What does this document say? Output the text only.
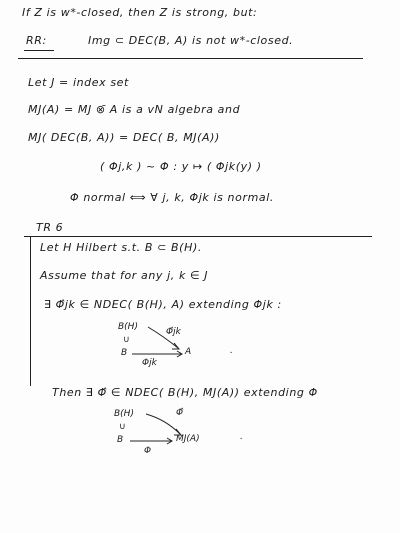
If Z is w*-closed, then Z is strong, but:
RR:	Img ⊂ DEC(B, A) is not w*-closed.
Let J = index set
MJ(A) = MJ ⊗̄ A is a vN algebra and
MJ( DEC(B, A)) = DEC( B, MJ(A))
( Φj,k ) ~ Φ : y ↦ ( Φjk(y) )
Φ normal ⟺ ∀ j, k, Φjk is normal.
TR 6
Let H Hilbert s.t. B ⊂ B(H).
Assume that for any j, k ∈ J
∃ Φ̂jk ∈ NDEC( B(H), A) extending Φjk :
B(H)
∪
B
Φ̂jk
A
Φjk
.
Then ∃ Φ̂ ∈ NDEC( B(H), MJ(A)) extending Φ
B(H)
∪
B
Φ̂
MJ(A)
Φ
.
